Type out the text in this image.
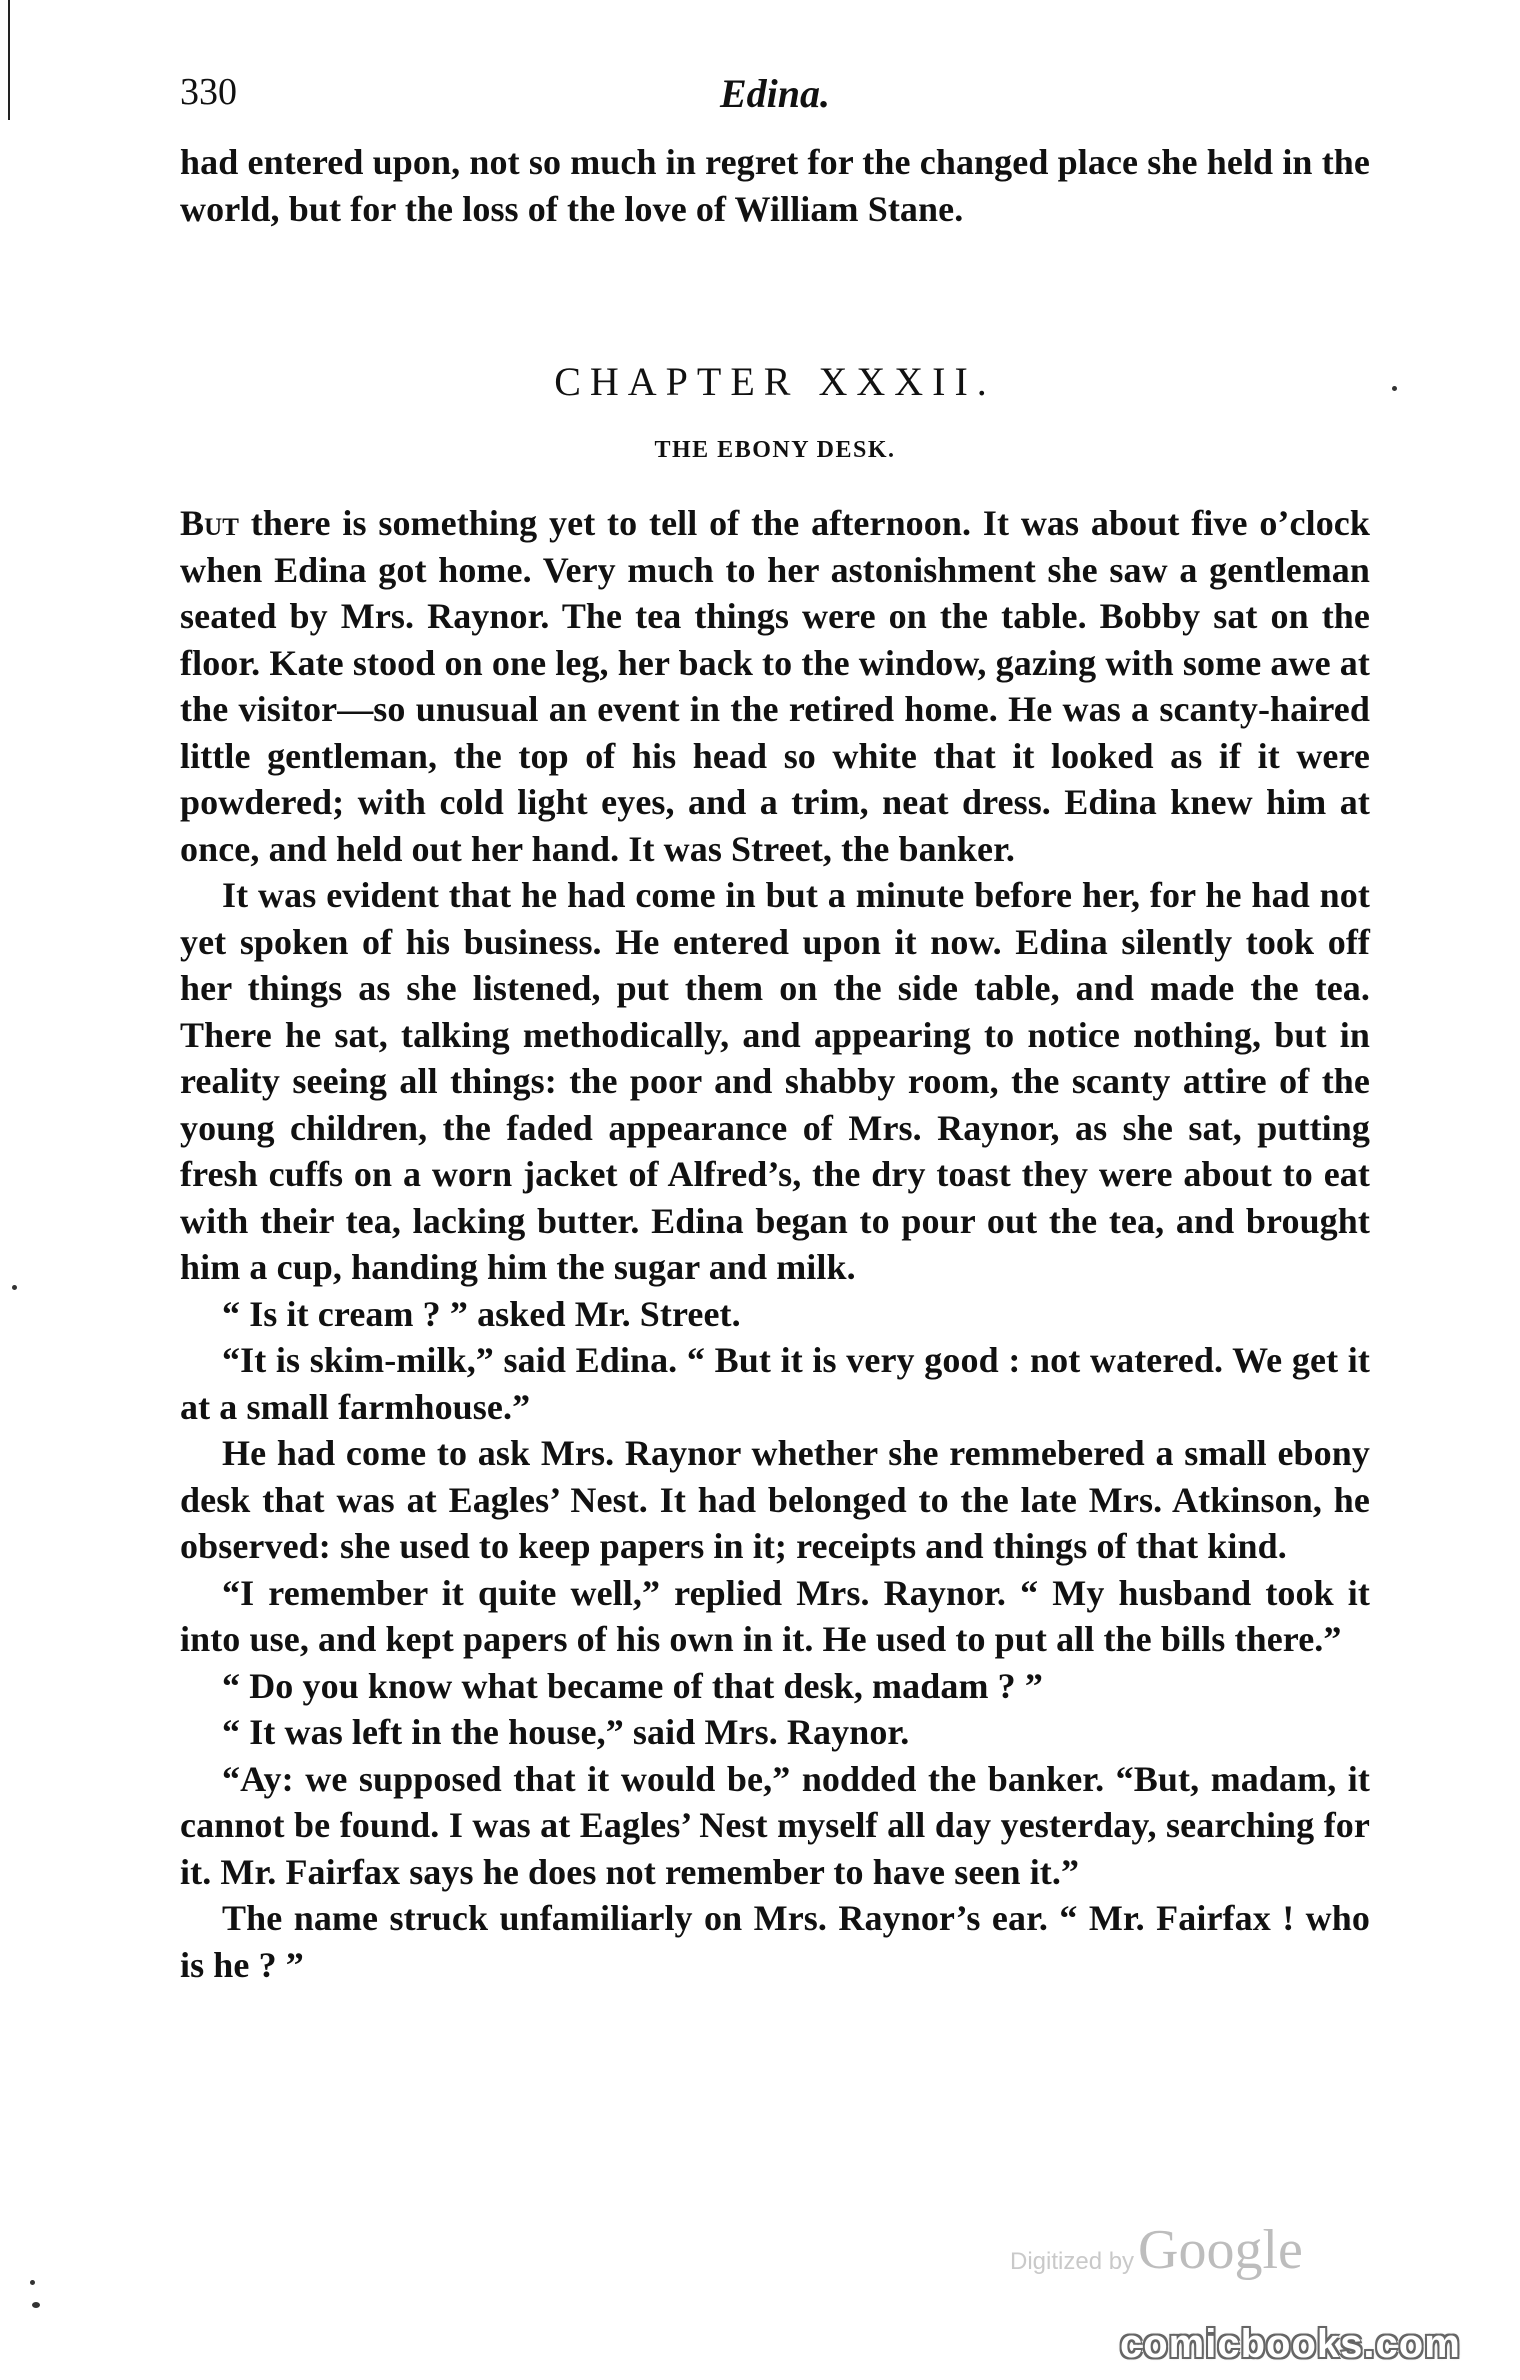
330	Edina.

had entered upon, not so much in regret for the changed place she held in the world, but for the loss of the love of William Stane.

CHAPTER XXXII.
THE EBONY DESK.

But there is something yet to tell of the afternoon. It was about five o’clock when Edina got home. Very much to her astonishment she saw a gentleman seated by Mrs. Raynor. The tea things were on the table. Bobby sat on the floor. Kate stood on one leg, her back to the window, gazing with some awe at the visitor—so unusual an event in the retired home. He was a scanty-haired little gentleman, the top of his head so white that it looked as if it were powdered; with cold light eyes, and a trim, neat dress. Edina knew him at once, and held out her hand. It was Street, the banker.

It was evident that he had come in but a minute before her, for he had not yet spoken of his business. He entered upon it now. Edina silently took off her things as she listened, put them on the side table, and made the tea. There he sat, talking methodically, and appearing to notice nothing, but in reality seeing all things: the poor and shabby room, the scanty attire of the young children, the faded appearance of Mrs. Raynor, as she sat, putting fresh cuffs on a worn jacket of Alfred’s, the dry toast they were about to eat with their tea, lacking butter. Edina began to pour out the tea, and brought him a cup, handing him the sugar and milk.

“ Is it cream ? ” asked Mr. Street.

“It is skim-milk,” said Edina. “ But it is very good : not watered. We get it at a small farmhouse.”

He had come to ask Mrs. Raynor whether she remmebered a small ebony desk that was at Eagles’ Nest. It had belonged to the late Mrs. Atkinson, he observed: she used to keep papers in it; receipts and things of that kind.

“I remember it quite well,” replied Mrs. Raynor. “ My husband took it into use, and kept papers of his own in it. He used to put all the bills there.”

“ Do you know what became of that desk, madam ? ”

“ It was left in the house,” said Mrs. Raynor.

“Ay: we supposed that it would be,” nodded the banker. “But, madam, it cannot be found. I was at Eagles’ Nest myself all day yesterday, searching for it. Mr. Fairfax says he does not remember to have seen it.”

The name struck unfamiliarly on Mrs. Raynor’s ear. “ Mr. Fairfax ! who is he ? ”

Digitized by Google
comicbooks.com
